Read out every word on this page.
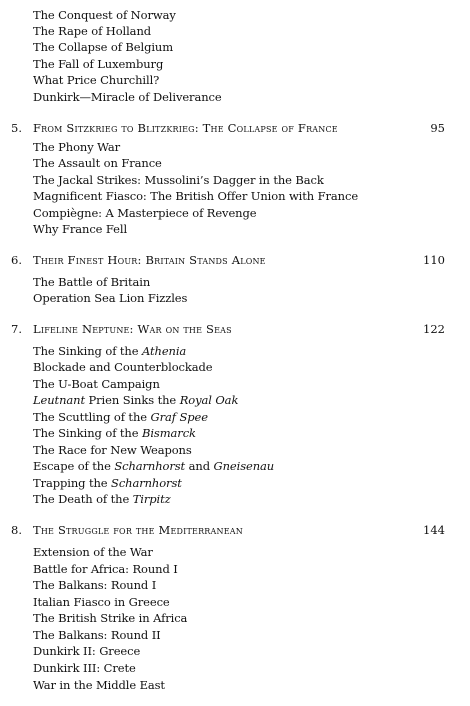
The Conquest of Norway
The Rape of Holland
The Collapse of Belgium
The Fall of Luxemburg
What Price Churchill?
Dunkirk—Miracle of Deliverance
5. From Sitzkrieg to Blitzkrieg: The Collapse of France	95
The Phony War
The Assault on France
The Jackal Strikes: Mussolini’s Dagger in the Back
Magnificent Fiasco: The British Offer Union with France
Compiègne: A Masterpiece of Revenge
Why France Fell
6. Their Finest Hour: Britain Stands Alone	110
The Battle of Britain
Operation Sea Lion Fizzles
7. Lifeline Neptune: War on the Seas	122
The Sinking of the Athenia
Blockade and Counterblockade
The U-Boat Campaign
Leutnant Prien Sinks the Royal Oak
The Scuttling of the Graf Spee
The Sinking of the Bismarck
The Race for New Weapons
Escape of the Scharnhorst and Gneisenau
Trapping the Scharnhorst
The Death of the Tirpitz
8. The Struggle for the Mediterranean	144
Extension of the War
Battle for Africa: Round I
The Balkans: Round I
Italian Fiasco in Greece
The British Strike in Africa
The Balkans: Round II
Dunkirk II: Greece
Dunkirk III: Crete
War in the Middle East
